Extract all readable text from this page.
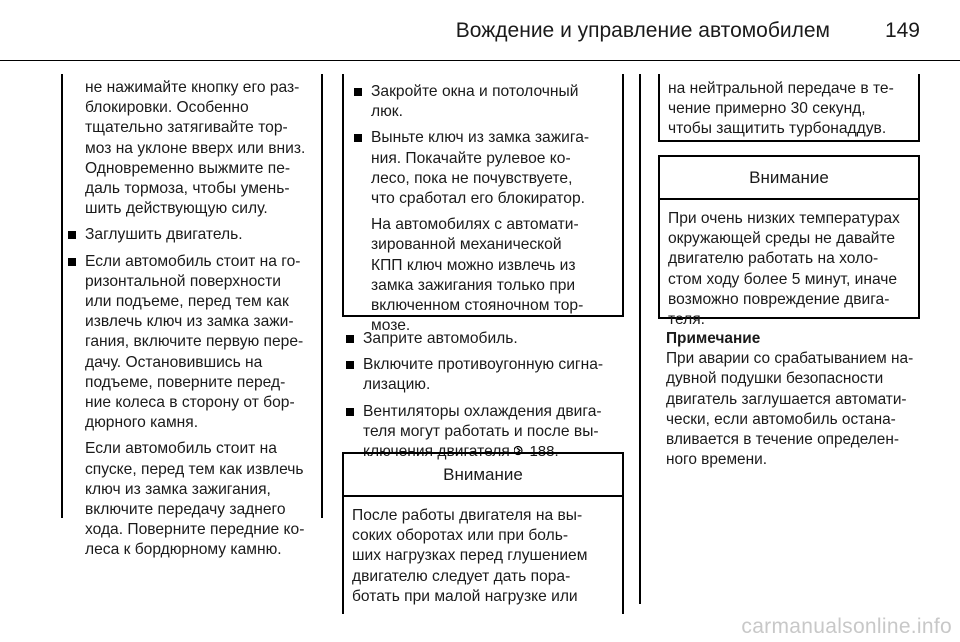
Вождение и управление автомобилем	149
не нажимайте кнопку его раз-
блокировки. Особенно
тщательно затягивайте тор-
моз на уклоне вверх или вниз.
Одновременно выжмите пе-
даль тормоза, чтобы умень-
шить действующую силу.
Заглушить двигатель.
Если автомобиль стоит на го-
ризонтальной поверхности
или подъеме, перед тем как
извлечь ключ из замка зажи-
гания, включите первую пере-
дачу. Остановившись на
подъеме, поверните перед-
ние колеса в сторону от бор-
дюрного камня.
Если автомобиль стоит на
спуске, перед тем как извлечь
ключ из замка зажигания,
включите передачу заднего
хода. Поверните передние ко-
леса к бордюрному камню.
Закройте окна и потолочный
люк.
Выньте ключ из замка зажига-
ния. Покачайте рулевое ко-
лесо, пока не почувствуете,
что сработал его блокиратор.
На автомобилях с автомати-
зированной механической
КПП ключ можно извлечь из
замка зажигания только при
включенном стояночном тор-
мозе.
Заприте автомобиль.
Включите противоугонную сигна-
лизацию.
Вентиляторы охлаждения двига-
теля могут работать и после вы-
ключения двигателя 188.
Внимание
После работы двигателя на вы-
соких оборотах или при боль-
ших нагрузках перед глушением
двигателю следует дать пора-
ботать при малой нагрузке или
на нейтральной передаче в те-
чение примерно 30 секунд,
чтобы защитить турбонаддув.
Внимание
При очень низких температурах
окружающей среды не давайте
двигателю работать на холо-
стом ходу более 5 минут, иначе
возможно повреждение двига-
теля.
Примечание
При аварии со срабатыванием на-
дувной подушки безопасности
двигатель заглушается автомати-
чески, если автомобиль остана-
вливается в течение определен-
ного времени.
carmanualsonline.info
